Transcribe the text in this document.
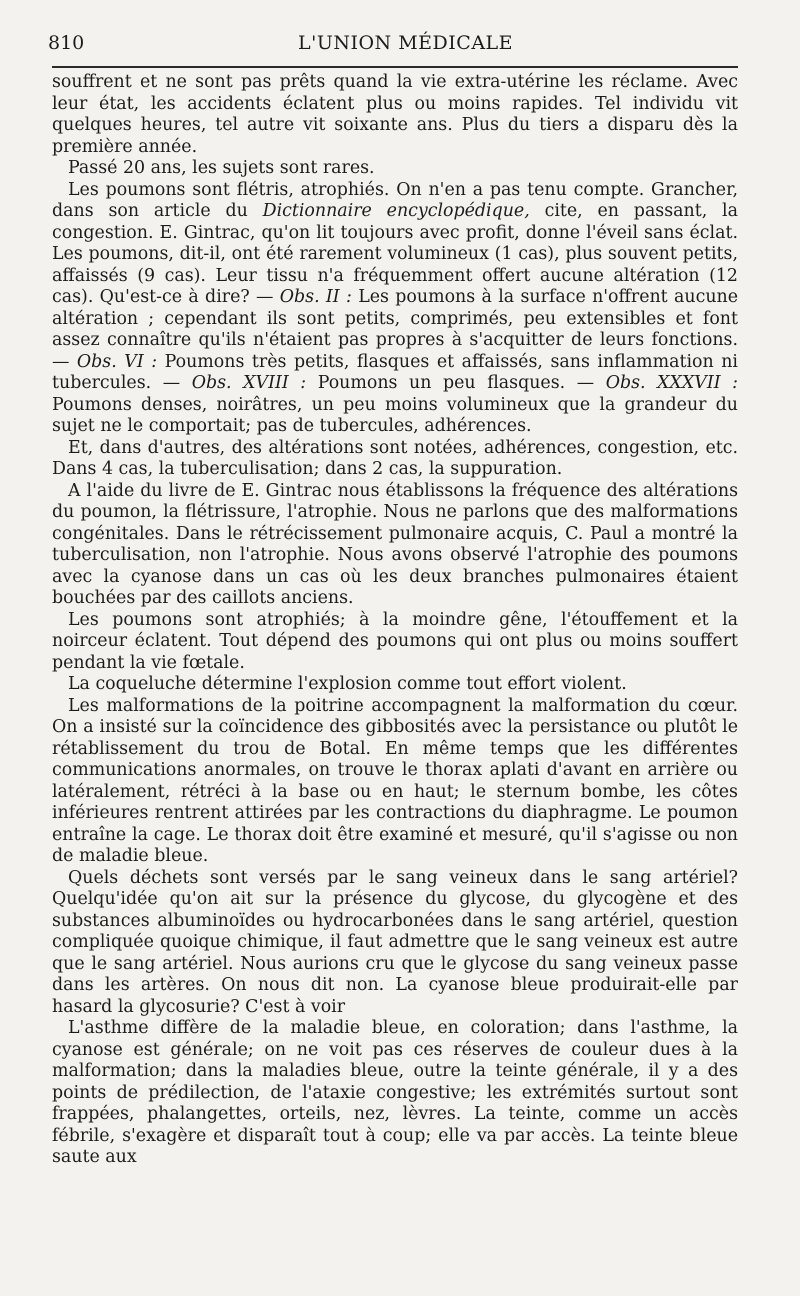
810	L'UNION MÉDICALE

souffrent et ne sont pas prêts quand la vie extra-utérine les réclame. Avec leur état, les accidents éclatent plus ou moins rapides. Tel individu vit quelques heures, tel autre vit soixante ans. Plus du tiers a disparu dès la première année.

Passé 20 ans, les sujets sont rares.

Les poumons sont flétris, atrophiés. On n'en a pas tenu compte. Grancher, dans son article du Dictionnaire encyclopédique, cite, en passant, la congestion. E. Gintrac, qu'on lit toujours avec profit, donne l'éveil sans éclat. Les poumons, dit-il, ont été rarement volumineux (1 cas), plus souvent petits, affaissés (9 cas). Leur tissu n'a fréquemment offert aucune altération (12 cas). Qu'est-ce à dire? — Obs. II : Les poumons à la surface n'offrent aucune altération ; cependant ils sont petits, comprimés, peu extensibles et font assez connaître qu'ils n'étaient pas propres à s'acquitter de leurs fonctions. — Obs. VI : Poumons très petits, flasques et affaissés, sans inflammation ni tubercules. — Obs. XVIII : Poumons un peu flasques. — Obs. XXXVII : Poumons denses, noirâtres, un peu moins volumineux que la grandeur du sujet ne le comportait; pas de tubercules, adhérences.

Et, dans d'autres, des altérations sont notées, adhérences, congestion, etc. Dans 4 cas, la tuberculisation; dans 2 cas, la suppuration.

A l'aide du livre de E. Gintrac nous établissons la fréquence des altérations du poumon, la flétrissure, l'atrophie. Nous ne parlons que des malformations congénitales. Dans le rétrécissement pulmonaire acquis, C. Paul a montré la tuberculisation, non l'atrophie. Nous avons observé l'atrophie des poumons avec la cyanose dans un cas où les deux branches pulmonaires étaient bouchées par des caillots anciens.

Les poumons sont atrophiés; à la moindre gêne, l'étouffement et la noirceur éclatent. Tout dépend des poumons qui ont plus ou moins souffert pendant la vie fœtale.

La coqueluche détermine l'explosion comme tout effort violent.

Les malformations de la poitrine accompagnent la malformation du cœur. On a insisté sur la coïncidence des gibbosités avec la persistance ou plutôt le rétablissement du trou de Botal. En même temps que les différentes communications anormales, on trouve le thorax aplati d'avant en arrière ou latéralement, rétréci à la base ou en haut; le sternum bombe, les côtes inférieures rentrent attirées par les contractions du diaphragme. Le poumon entraîne la cage. Le thorax doit être examiné et mesuré, qu'il s'agisse ou non de maladie bleue.

Quels déchets sont versés par le sang veineux dans le sang artériel? Quelqu'idée qu'on ait sur la présence du glycose, du glycogène et des substances albuminoïdes ou hydrocarbonées dans le sang artériel, question compliquée quoique chimique, il faut admettre que le sang veineux est autre que le sang artériel. Nous aurions cru que le glycose du sang veineux passe dans les artères. On nous dit non. La cyanose bleue produirait-elle par hasard la glycosurie? C'est à voir

L'asthme diffère de la maladie bleue, en coloration; dans l'asthme, la cyanose est générale; on ne voit pas ces réserves de couleur dues à la malformation; dans la maladies bleue, outre la teinte générale, il y a des points de prédilection, de l'ataxie congestive; les extrémités surtout sont frappées, phalangettes, orteils, nez, lèvres. La teinte, comme un accès fébrile, s'exagère et disparaît tout à coup; elle va par accès. La teinte bleue saute aux
